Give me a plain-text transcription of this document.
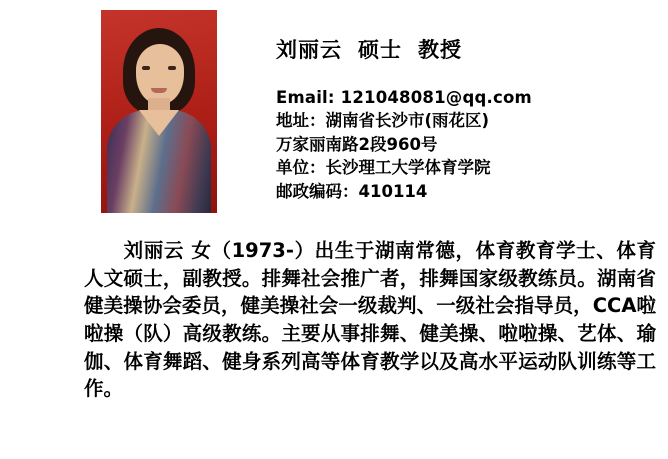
刘丽云 硕士 教授
Email: 121048081@qq.com
地址：湖南省长沙市(雨花区)
万家丽南路2段960号
单位：长沙理工大学体育学院
邮政编码：410114
刘丽云 女（1973-）出生于湖南常德，体育教育学士、体育人文硕士，副教授。排舞社会推广者，排舞国家级教练员。湖南省健美操协会委员，健美操社会一级裁判、一级社会指导员，CCA啦啦操（队）高级教练。主要从事排舞、健美操、啦啦操、艺体、瑜伽、体育舞蹈、健身系列高等体育教学以及高水平运动队训练等工作。
